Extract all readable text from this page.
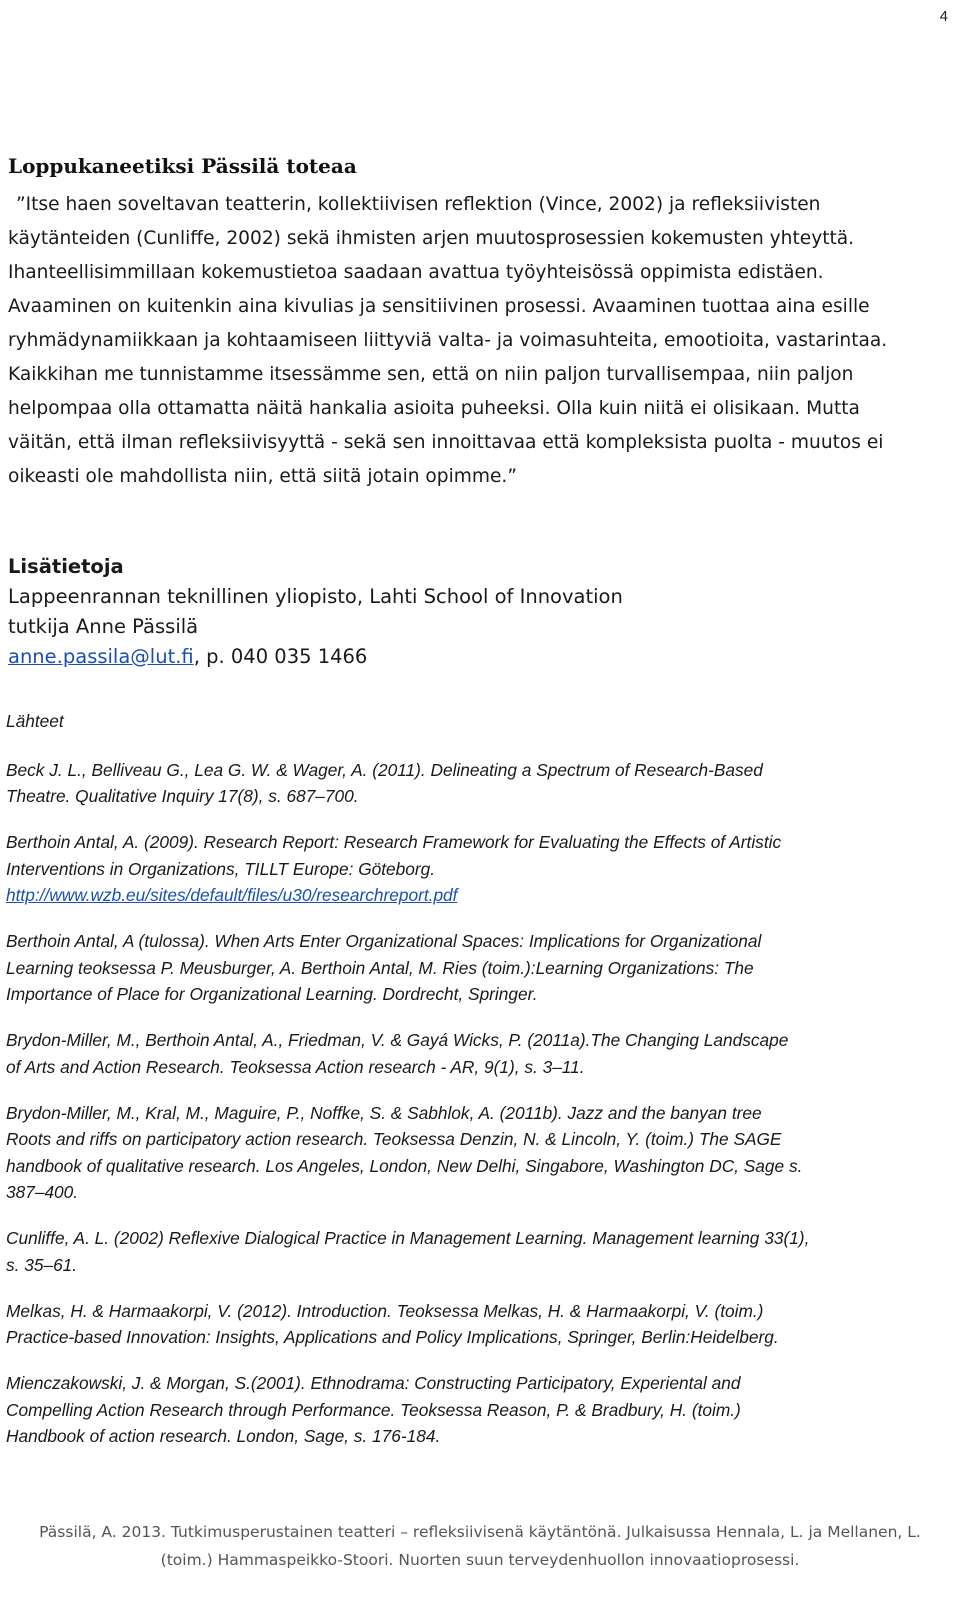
4
Loppukaneetiksi Pässilä toteaa

”Itse haen soveltavan teatterin, kollektiivisen reflektion (Vince, 2002) ja refleksiivisten

käytänteiden (Cunliffe, 2002) sekä ihmisten arjen muutosprosessien kokemusten yhteyttä.

Ihanteellisimmillaan kokemustietoa saadaan avattua työyhteisössä oppimista edistäen.

Avaaminen on kuitenkin aina kivulias ja sensitiivinen prosessi. Avaaminen tuottaa aina esille

ryhmädynamiikkaan ja kohtaamiseen liittyviä valta- ja voimasuhteita, emootioita, vastarintaa.

Kaikkihan me tunnistamme itsessämme sen, että on niin paljon turvallisempaa, niin paljon

helpompaa olla ottamatta näitä hankalia asioita puheeksi. Olla kuin niitä ei olisikaan. Mutta

väitän, että ilman refleksiivisyyttä - sekä sen innoittavaa että kompleksista puolta - muutos ei

oikeasti ole mahdollista niin, että siitä jotain opimme.”

Lisätietoja
Lappeenrannan teknillinen yliopisto, Lahti School of Innovation
tutkija Anne Pässilä
anne.passila@lut.fi, p. 040 035 1466
Lähteet
Beck J. L., Belliveau G., Lea G. W. & Wager, A. (2011). Delineating a Spectrum of Research-Based
Theatre. Qualitative Inquiry 17(8), s. 687–700.
Berthoin Antal, A. (2009). Research Report: Research Framework for Evaluating the Effects of Artistic
Interventions in Organizations, TILLT Europe: Göteborg.
http://www.wzb.eu/sites/default/files/u30/researchreport.pdf
Berthoin Antal, A (tulossa). When Arts Enter Organizational Spaces: Implications for Organizational
Learning teoksessa P. Meusburger, A. Berthoin Antal, M. Ries (toim.):Learning Organizations: The
Importance of Place for Organizational Learning. Dordrecht, Springer.
Brydon-Miller, M., Berthoin Antal, A., Friedman, V. & Gayá Wicks, P. (2011a).The Changing Landscape
of Arts and Action Research. Teoksessa Action research - AR, 9(1), s. 3–11.
Brydon-Miller, M., Kral, M., Maguire, P., Noffke, S. & Sabhlok, A. (2011b). Jazz and the banyan tree
Roots and riffs on participatory action research. Teoksessa Denzin, N. & Lincoln, Y. (toim.) The SAGE
handbook of qualitative research. Los Angeles, London, New Delhi, Singabore, Washington DC, Sage s.
387–400.
Cunliffe, A. L. (2002) Reflexive Dialogical Practice in Management Learning. Management learning 33(1),
s. 35–61.
Melkas, H. & Harmaakorpi, V. (2012). Introduction. Teoksessa Melkas, H. & Harmaakorpi, V. (toim.)
Practice-based Innovation: Insights, Applications and Policy Implications, Springer, Berlin:Heidelberg.
Mienczakowski, J. & Morgan, S.(2001). Ethnodrama: Constructing Participatory, Experiental and
Compelling Action Research through Performance. Teoksessa Reason, P. & Bradbury, H. (toim.)
Handbook of action research. London, Sage, s. 176-184.

Pässilä, A. 2013. Tutkimusperustainen teatteri – refleksiivisenä käytäntönä. Julkaisussa Hennala, L. ja Mellanen, L.

(toim.) Hammaspeikko-Stoori. Nuorten suun terveydenhuollon innovaatioprosessi.
